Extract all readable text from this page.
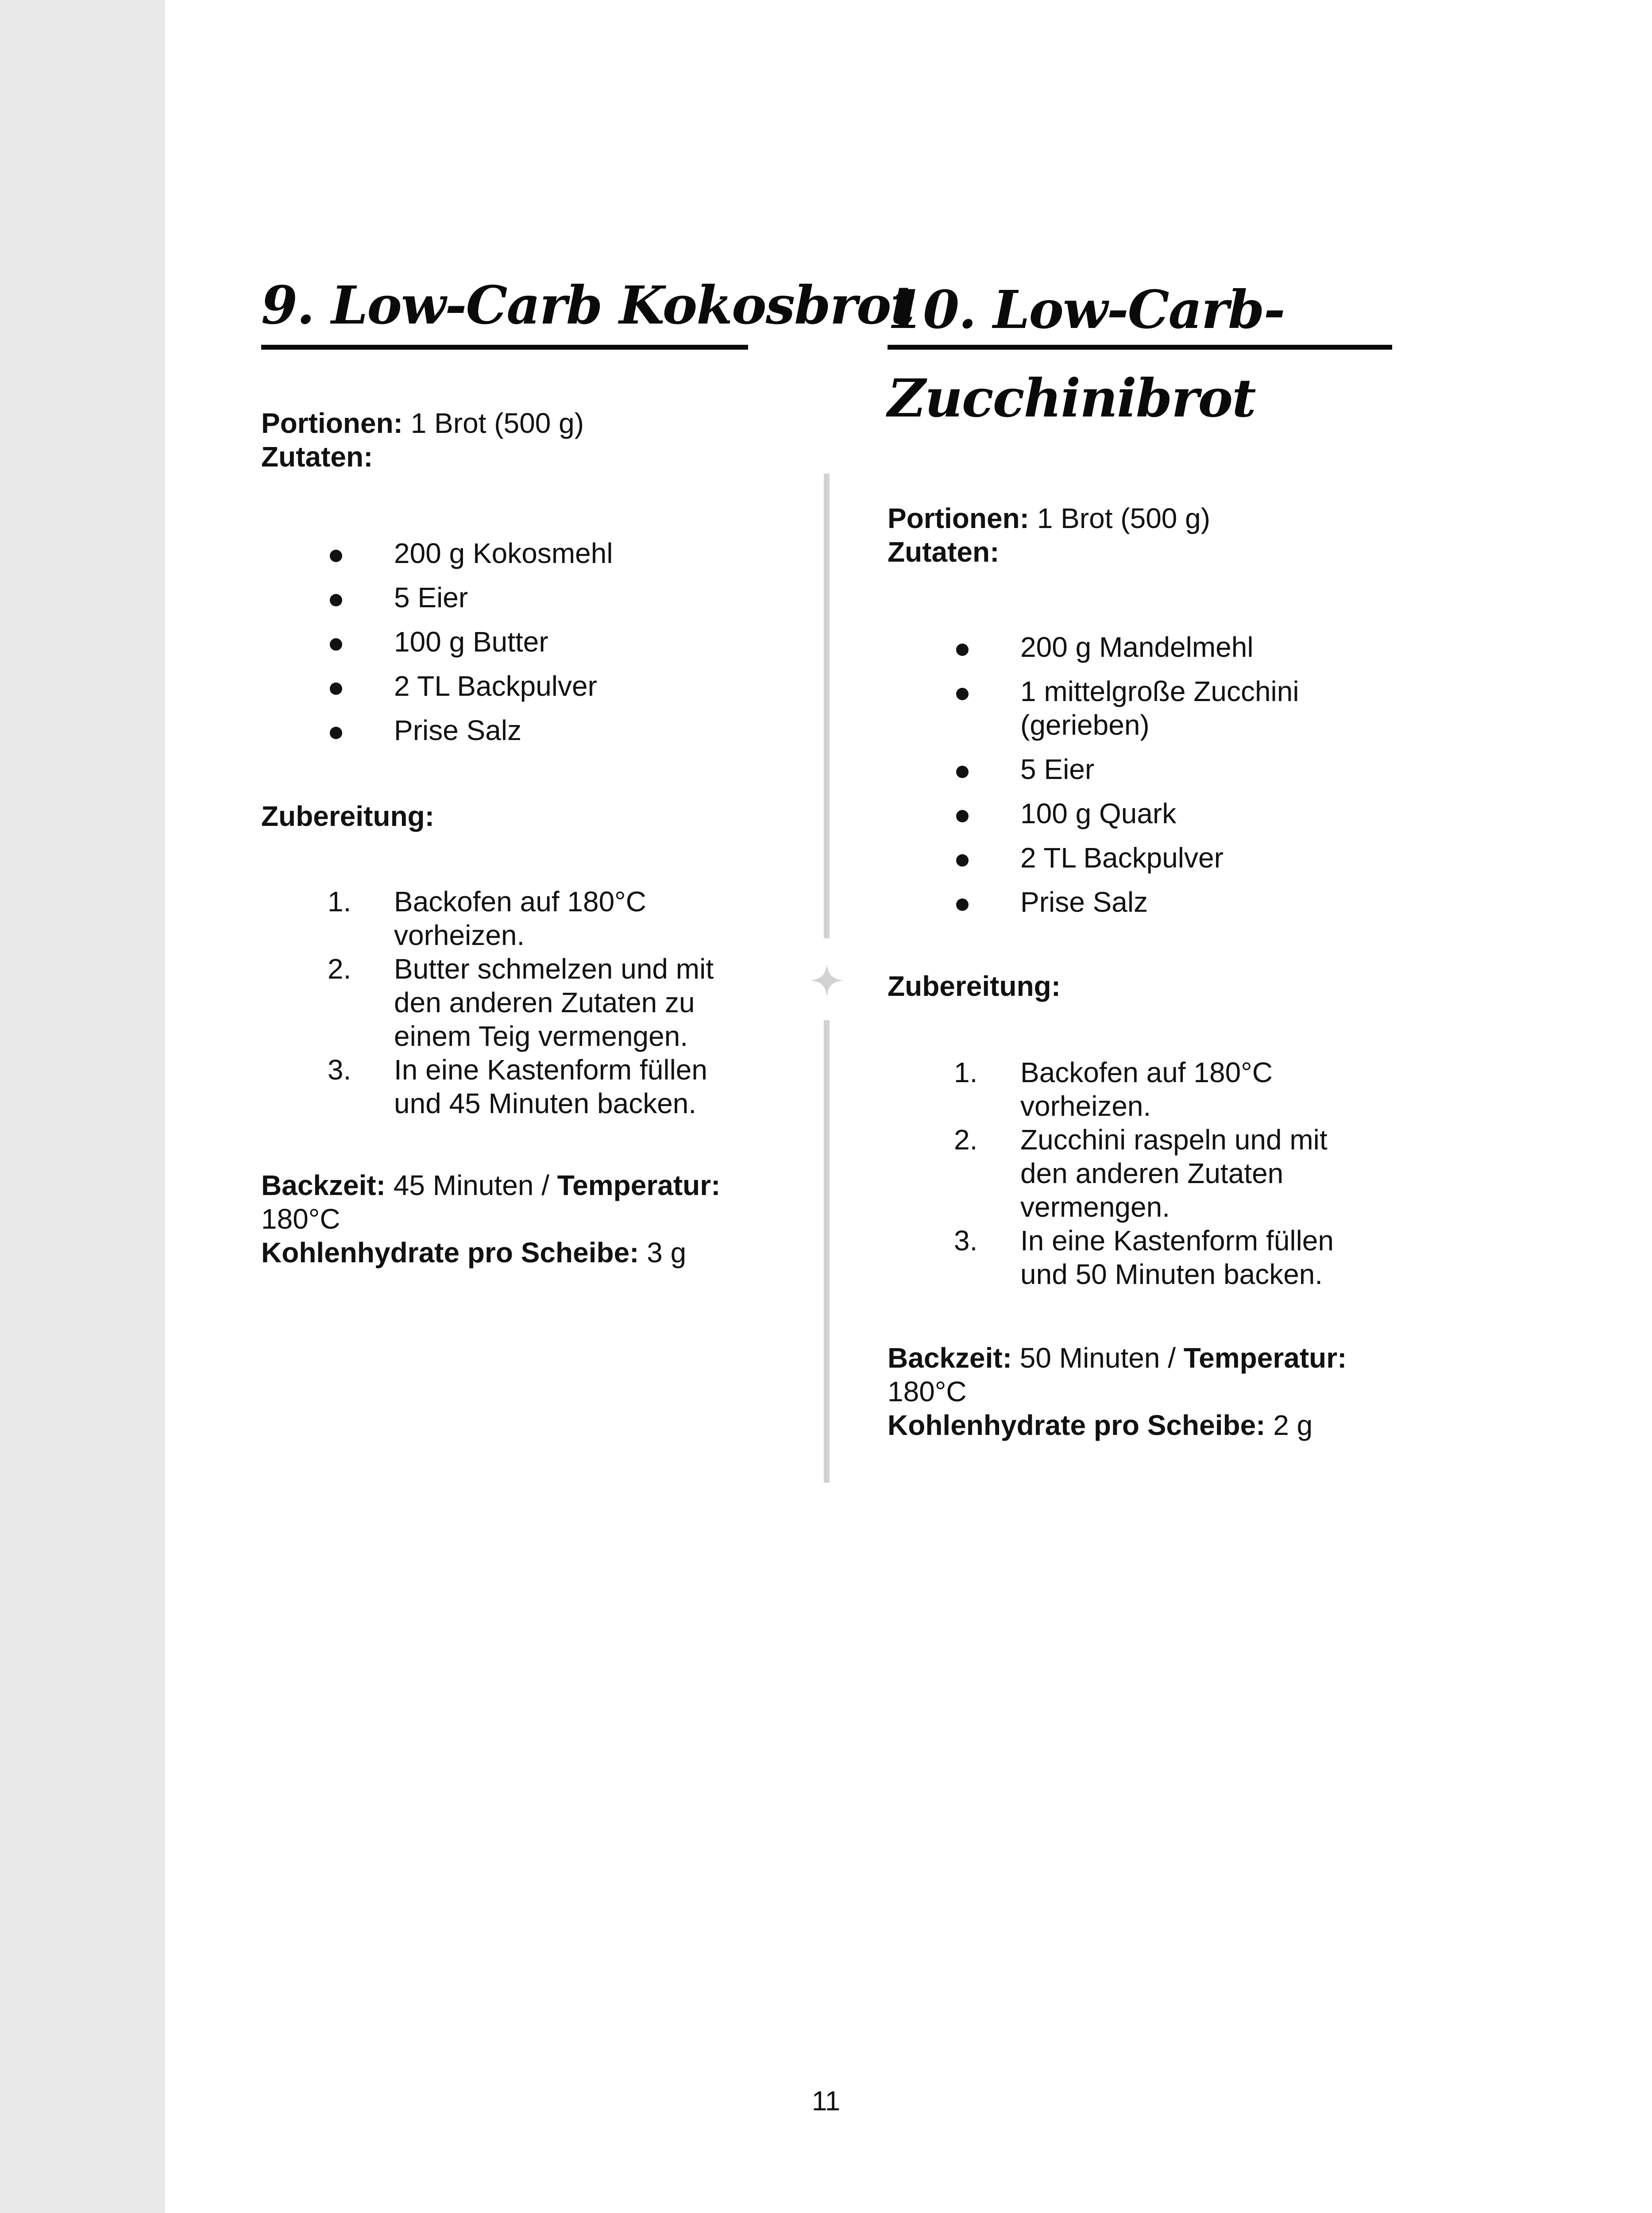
9. Low-Carb Kokosbrot
Portionen: 1 Brot (500 g)
Zutaten:
200 g Kokosmehl
5 Eier
100 g Butter
2 TL Backpulver
Prise Salz
Zubereitung:
1. Backofen auf 180°C vorheizen.
2. Butter schmelzen und mit den anderen Zutaten zu einem Teig vermengen.
3. In eine Kastenform füllen und 45 Minuten backen.
Backzeit: 45 Minuten / Temperatur:
180°C
Kohlenhydrate pro Scheibe: 3 g
10. Low-Carb-
Zucchinibrot
Portionen: 1 Brot (500 g)
Zutaten:
200 g Mandelmehl
1 mittelgroße Zucchini (gerieben)
5 Eier
100 g Quark
2 TL Backpulver
Prise Salz
Zubereitung:
1. Backofen auf 180°C vorheizen.
2. Zucchini raspeln und mit den anderen Zutaten vermengen.
3. In eine Kastenform füllen und 50 Minuten backen.
Backzeit: 50 Minuten / Temperatur:
180°C
Kohlenhydrate pro Scheibe: 2 g
11
